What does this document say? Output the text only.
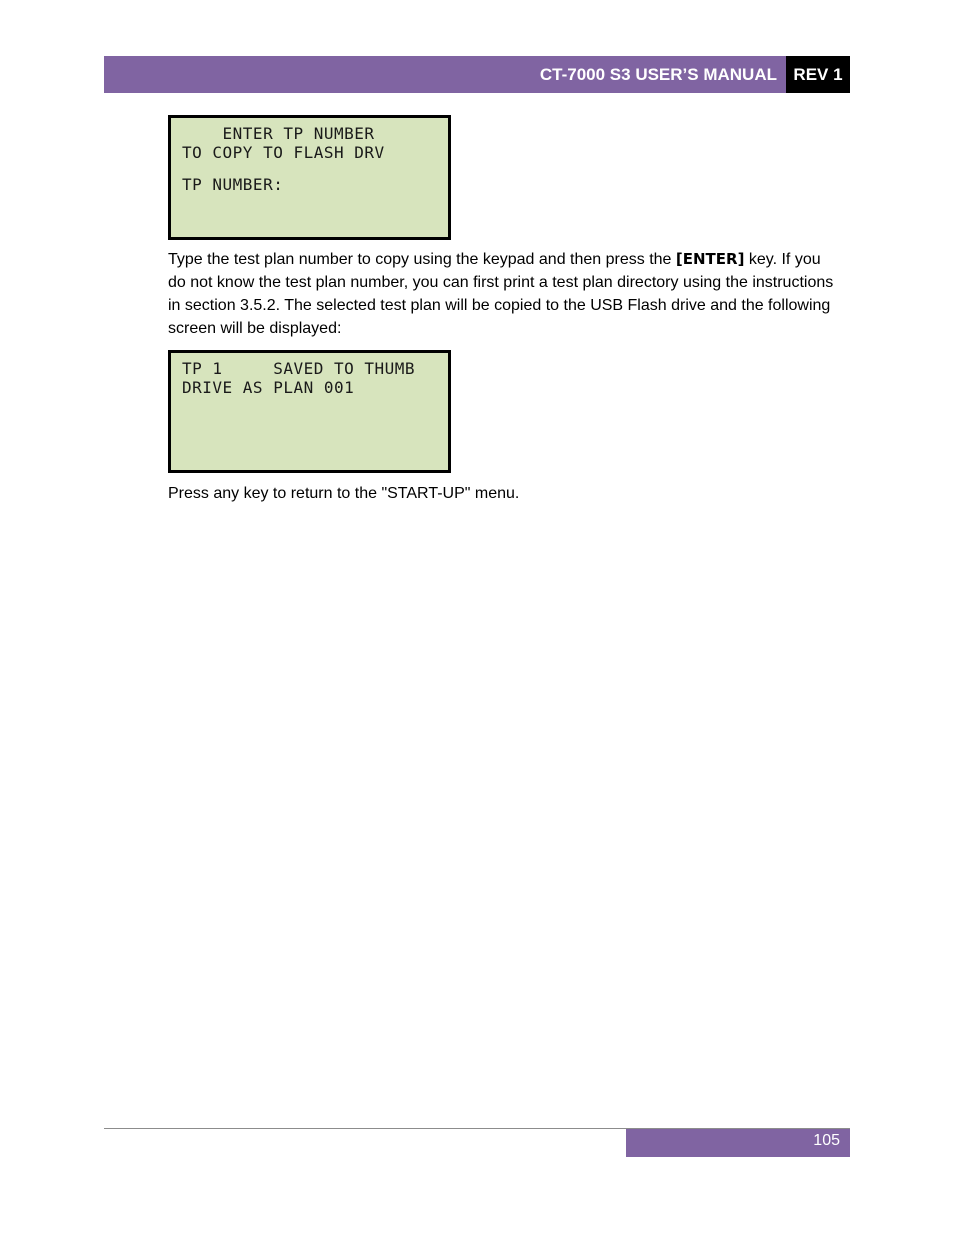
CT-7000 S3 USER’S MANUAL REV 1
ENTER TP NUMBER
TO COPY TO FLASH DRV
TP NUMBER:

Type the test plan number to copy using the keypad and then press the [ENTER] key. If you do not know the test plan number, you can first print a test plan directory using the instructions in section 3.5.2. The selected test plan will be copied to the USB Flash drive and the following screen will be displayed:

TP 1     SAVED TO THUMB
DRIVE AS PLAN 001

Press any key to return to the "START-UP" menu.

105
